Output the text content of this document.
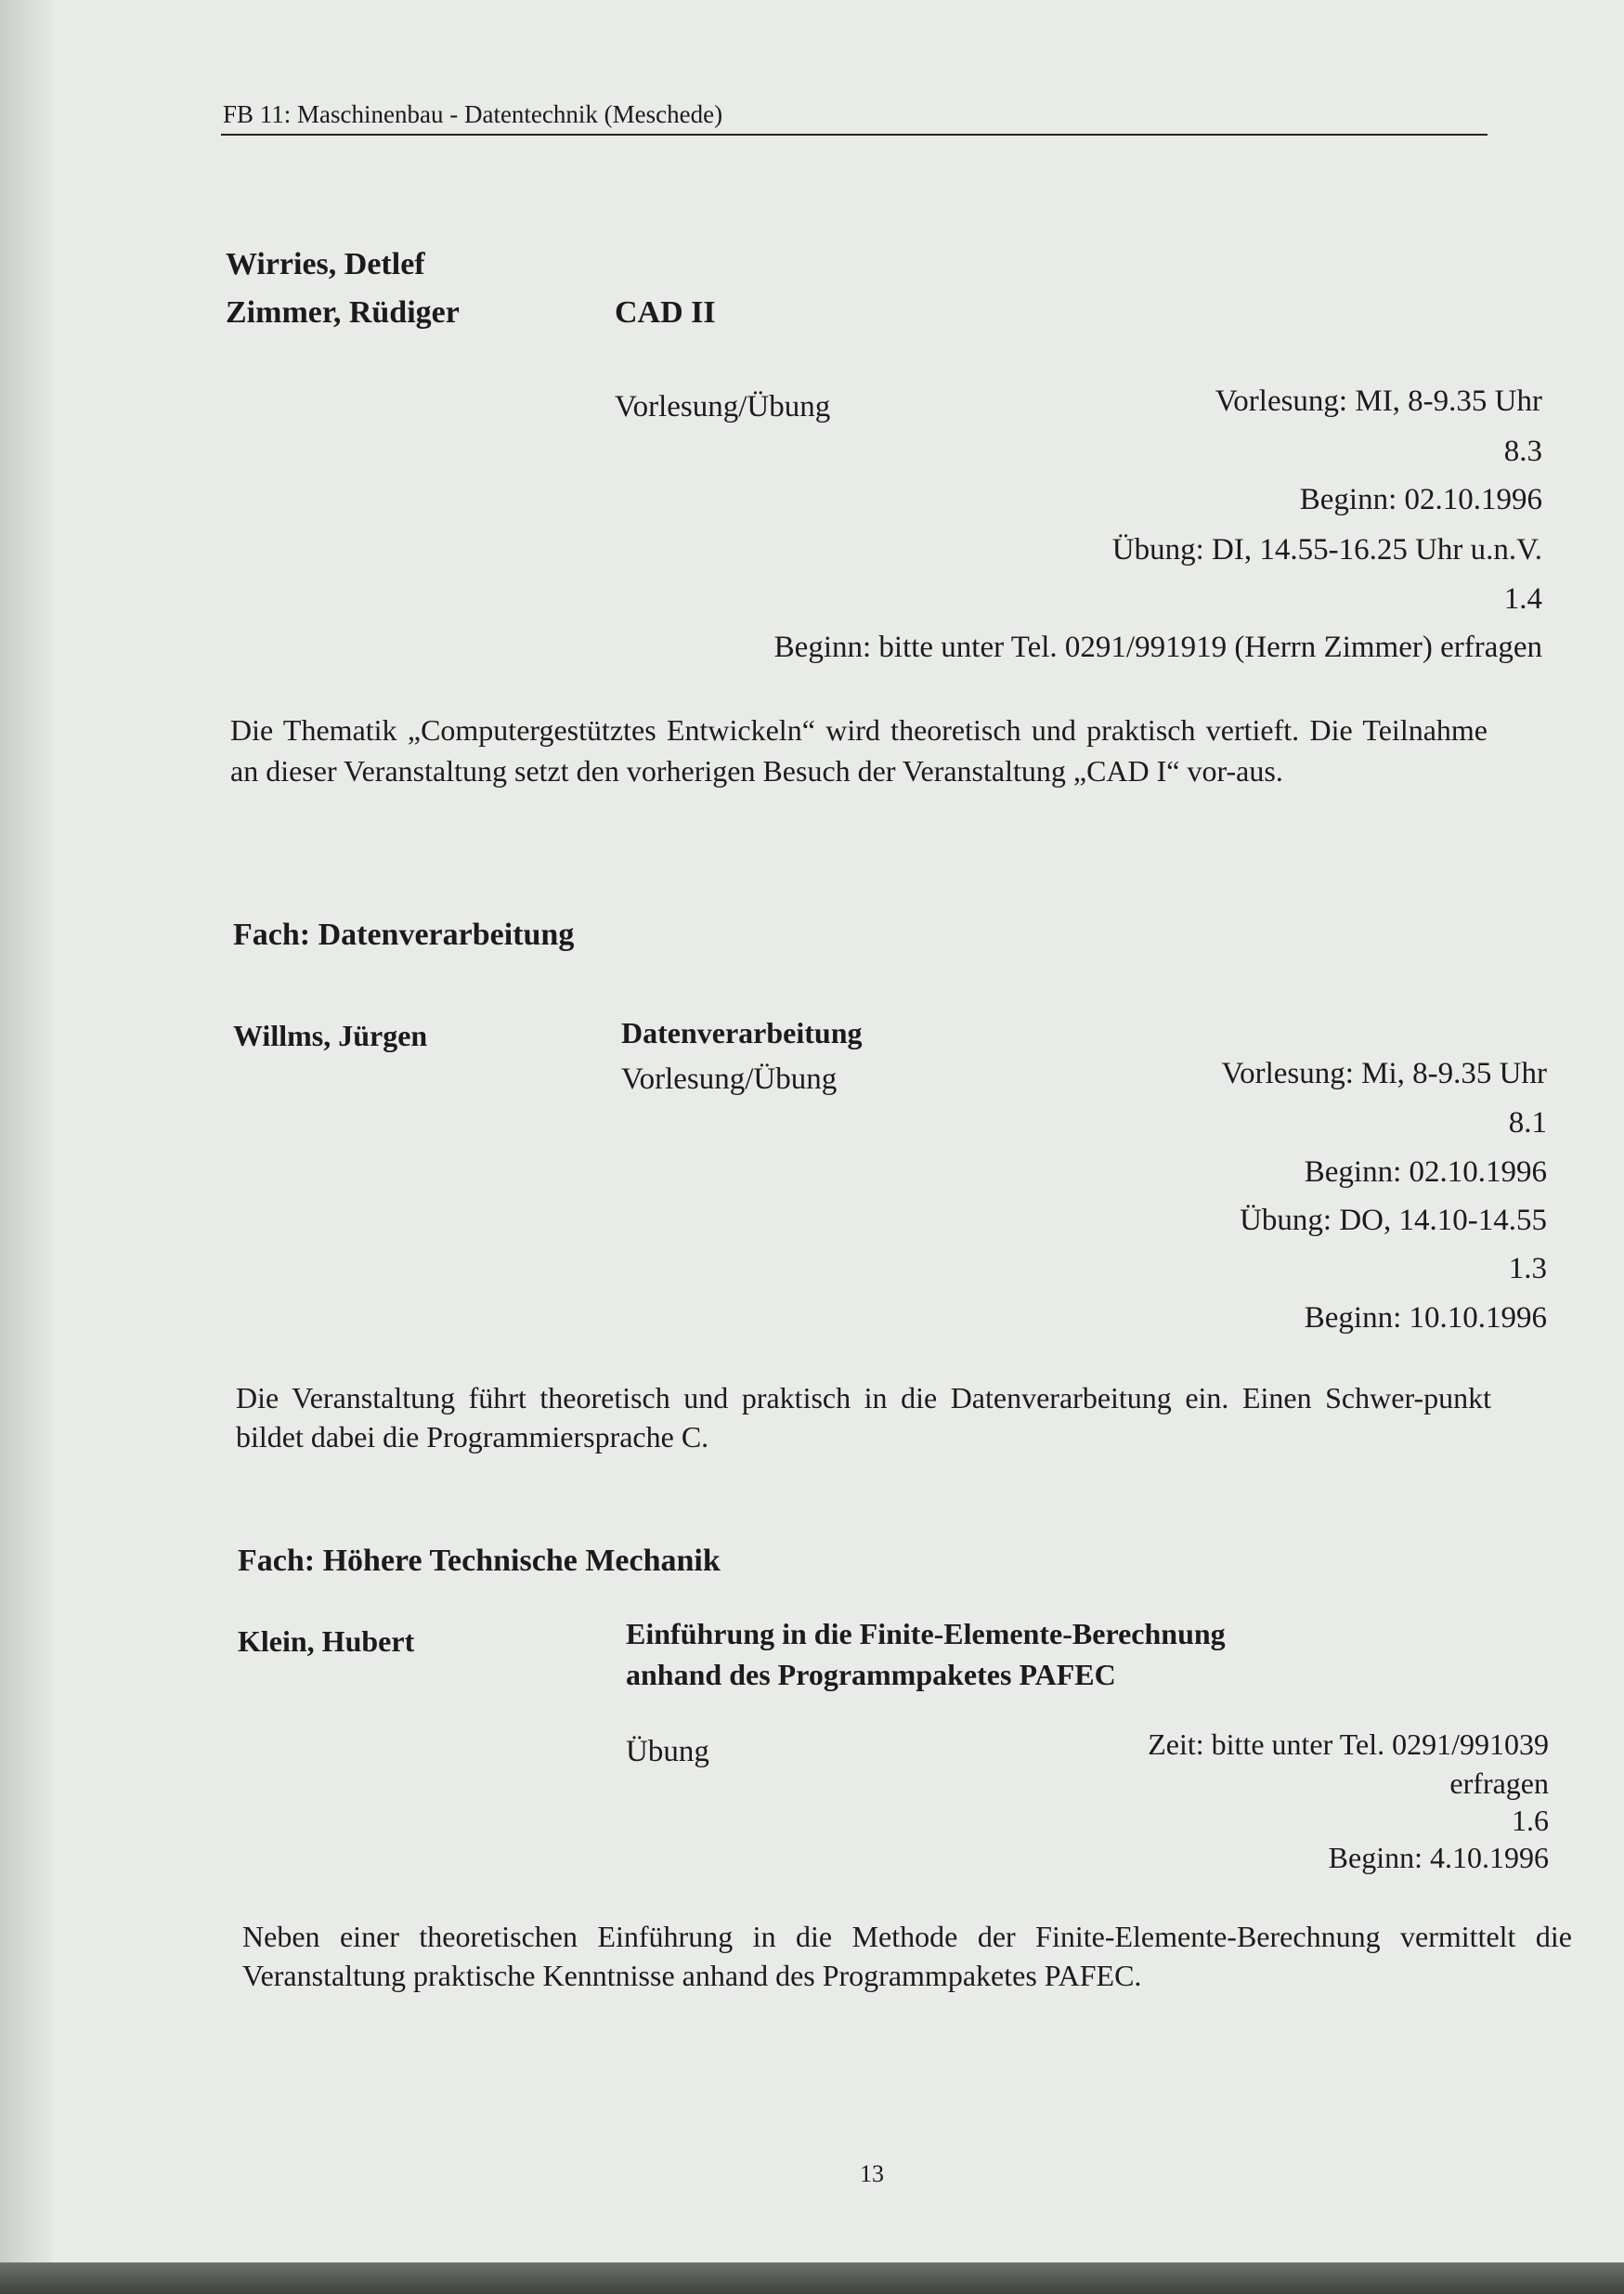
FB 11: Maschinenbau - Datentechnik (Meschede)
Wirries, Detlef
Zimmer, Rüdiger	CAD II
Vorlesung/Übung	Vorlesung: MI, 8-9.35 Uhr
8.3
Beginn: 02.10.1996
Übung: DI, 14.55-16.25 Uhr u.n.V.
1.4
Beginn: bitte unter Tel. 0291/991919 (Herrn Zimmer) erfragen
Die Thematik „Computergestütztes Entwickeln“ wird theoretisch und praktisch vertieft. Die Teilnahme an dieser Veranstaltung setzt den vorherigen Besuch der Veranstaltung „CAD I“ vor-aus.
Fach: Datenverarbeitung
Willms, Jürgen	Datenverarbeitung
Vorlesung/Übung	Vorlesung: Mi, 8-9.35 Uhr
8.1
Beginn: 02.10.1996
Übung: DO, 14.10-14.55
1.3
Beginn: 10.10.1996
Die Veranstaltung führt theoretisch und praktisch in die Datenverarbeitung ein. Einen Schwer-punkt bildet dabei die Programmiersprache C.
Fach: Höhere Technische Mechanik
Klein, Hubert	Einführung in die Finite-Elemente-Berechnung
anhand des Programmpaketes PAFEC
Übung	Zeit: bitte unter Tel. 0291/991039
erfragen
1.6
Beginn: 4.10.1996
Neben einer theoretischen Einführung in die Methode der Finite-Elemente-Berechnung vermittelt die Veranstaltung praktische Kenntnisse anhand des Programmpaketes PAFEC.
13
